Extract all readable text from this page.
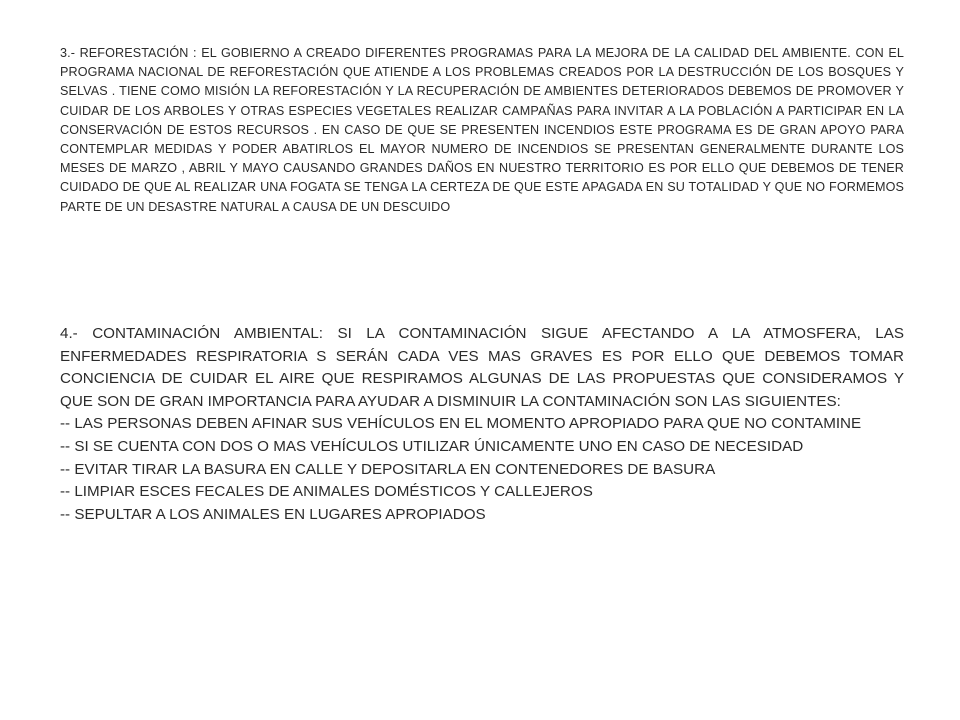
3.- REFORESTACIÓN : EL GOBIERNO A CREADO DIFERENTES PROGRAMAS PARA LA MEJORA DE LA CALIDAD DEL AMBIENTE. CON EL PROGRAMA NACIONAL DE REFORESTACIÓN QUE ATIENDE A LOS PROBLEMAS CREADOS POR LA DESTRUCCIÓN DE LOS BOSQUES Y SELVAS . TIENE COMO MISIÓN LA REFORESTACIÓN Y LA RECUPERACIÓN DE AMBIENTES DETERIORADOS DEBEMOS DE PROMOVER Y CUIDAR DE LOS ARBOLES Y OTRAS ESPECIES VEGETALES REALIZAR CAMPAÑAS PARA INVITAR A LA POBLACIÓN A PARTICIPAR EN LA CONSERVACIÓN DE ESTOS RECURSOS . EN CASO DE QUE SE PRESENTEN INCENDIOS ESTE PROGRAMA ES DE GRAN APOYO PARA CONTEMPLAR MEDIDAS Y PODER ABATIRLOS EL MAYOR NUMERO DE INCENDIOS SE PRESENTAN GENERALMENTE DURANTE LOS MESES DE MARZO , ABRIL Y MAYO CAUSANDO GRANDES DAÑOS EN NUESTRO TERRITORIO ES POR ELLO QUE DEBEMOS DE TENER CUIDADO DE QUE AL REALIZAR UNA FOGATA SE TENGA LA CERTEZA DE QUE ESTE APAGADA EN SU TOTALIDAD Y QUE NO FORMEMOS PARTE DE UN DESASTRE NATURAL A CAUSA DE UN DESCUIDO

4.- CONTAMINACIÓN AMBIENTAL: SI LA CONTAMINACIÓN SIGUE AFECTANDO A LA ATMOSFERA, LAS ENFERMEDADES RESPIRATORIA S SERÁN CADA VES MAS GRAVES ES POR ELLO QUE DEBEMOS TOMAR CONCIENCIA DE CUIDAR EL AIRE QUE RESPIRAMOS ALGUNAS DE LAS PROPUESTAS QUE CONSIDERAMOS Y QUE SON DE GRAN IMPORTANCIA PARA AYUDAR A DISMINUIR LA CONTAMINACIÓN SON LAS SIGUIENTES:

-- LAS PERSONAS DEBEN AFINAR SUS VEHÍCULOS EN EL MOMENTO APROPIADO PARA QUE NO CONTAMINE
-- SI SE CUENTA CON DOS O MAS VEHÍCULOS UTILIZAR ÚNICAMENTE UNO EN CASO DE NECESIDAD
-- EVITAR TIRAR LA BASURA EN CALLE Y DEPOSITARLA EN CONTENEDORES DE BASURA
-- LIMPIAR ESCES FECALES DE ANIMALES DOMÉSTICOS Y CALLEJEROS
-- SEPULTAR A LOS ANIMALES EN LUGARES APROPIADOS
